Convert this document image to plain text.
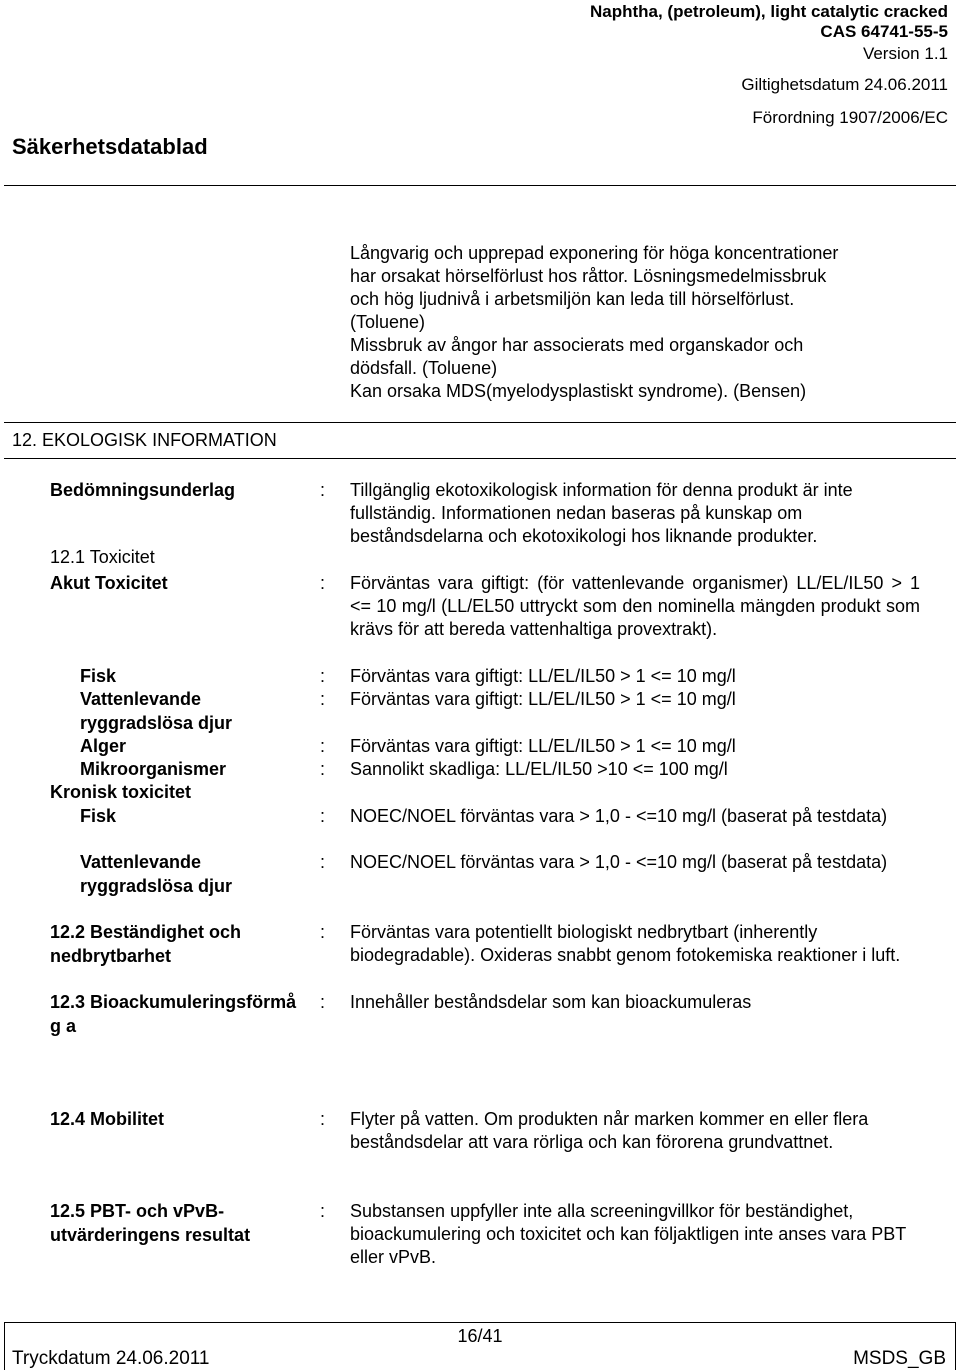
Naphtha, (petroleum), light catalytic cracked
CAS 64741-55-5
Version 1.1
Giltighetsdatum 24.06.2011
Förordning 1907/2006/EC
Säkerhetsdatablad
Långvarig och upprepad exponering för höga koncentrationer
har orsakat hörselförlust hos råttor. Lösningsmedelmissbruk
och hög ljudnivå i arbetsmiljön kan leda till hörselförlust.
(Toluene)
Missbruk av ångor har associerats med organskador och
dödsfall. (Toluene)
Kan orsaka MDS(myelodysplastiskt syndrome). (Bensen)
12. EKOLOGISK INFORMATION
Bedömningsunderlag	: Tillgänglig ekotoxikologisk information för denna produkt är inte fullständig. Informationen nedan baseras på kunskap om beståndsdelarna och ekotoxikologi hos liknande produkter.
12.1 Toxicitet
Akut Toxicitet	: Förväntas vara giftigt: (för vattenlevande organismer) LL/EL/IL50 > 1 <= 10 mg/l (LL/EL50 uttryckt som den nominella mängden produkt som krävs för att bereda vattenhaltiga provextrakt).
Fisk	: Förväntas vara giftigt: LL/EL/IL50 > 1 <= 10 mg/l
Vattenlevande ryggradslösa djur
: Förväntas vara giftigt: LL/EL/IL50 > 1 <= 10 mg/l
Alger	: Förväntas vara giftigt: LL/EL/IL50 > 1 <= 10 mg/l
Mikroorganismer	: Sannolikt skadliga: LL/EL/IL50 >10 <= 100 mg/l
Kronisk toxicitet
Fisk	: NOEC/NOEL förväntas vara > 1,0 - <=10 mg/l (baserat på testdata)
Vattenlevande ryggradslösa djur
: NOEC/NOEL förväntas vara > 1,0 - <=10 mg/l (baserat på testdata)
12.2 Beständighet och nedbrytbarhet
: Förväntas vara potentiellt biologiskt nedbrytbart (inherently biodegradable). Oxideras snabbt genom fotokemiska reaktioner i luft.
12.3 Bioackumuleringsförmåg a
: Innehåller beståndsdelar som kan bioackumuleras
12.4 Mobilitet	: Flyter på vatten. Om produkten når marken kommer en eller flera beståndsdelar att vara rörliga och kan förorena grundvattnet.
12.5 PBT- och vPvB-utvärderingens resultat
: Substansen uppfyller inte alla screeningvillkor för beständighet, bioackumulering och toxicitet och kan följaktligen inte anses vara PBT eller vPvB.
16/41
Tryckdatum 24.06.2011	MSDS_GB
